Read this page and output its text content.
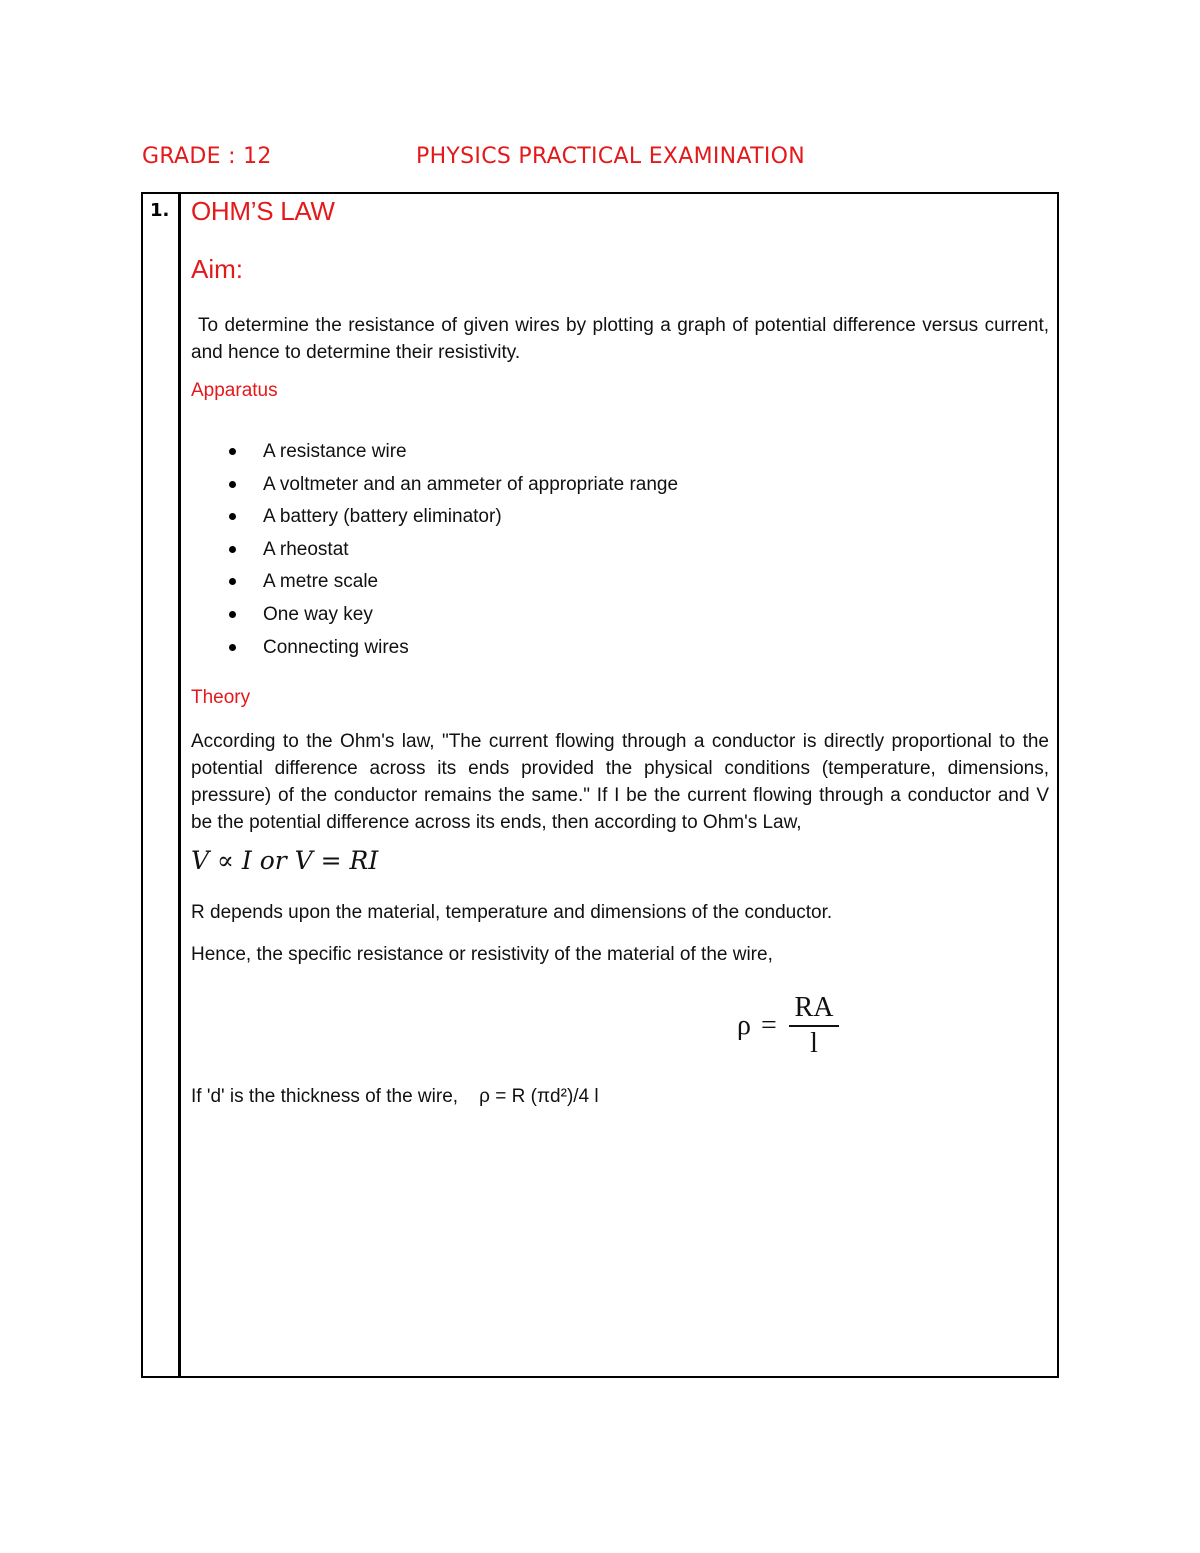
GRADE : 12	PHYSICS PRACTICAL EXAMINATION
1. OHM’S LAW
Aim:
To determine the resistance of given wires by plotting a graph of potential difference versus current, and hence to determine their resistivity.
Apparatus
A resistance wire
A voltmeter and an ammeter of appropriate range
A battery (battery eliminator)
A rheostat
A metre scale
One way key
Connecting wires
Theory
According to the Ohm's law, "The current flowing through a conductor is directly proportional to the potential difference across its ends provided the physical conditions (temperature, dimensions, pressure) of the conductor remains the same." If I be the current flowing through a conductor and V be the potential difference across its ends, then according to Ohm's Law,
V ∝ I or V = RI
R depends upon the material, temperature and dimensions of the conductor.
Hence, the specific resistance or resistivity of the material of the wire,
ρ =
RA
l
If 'd' is the thickness of the wire,    ρ = R (πd²)/4 l
